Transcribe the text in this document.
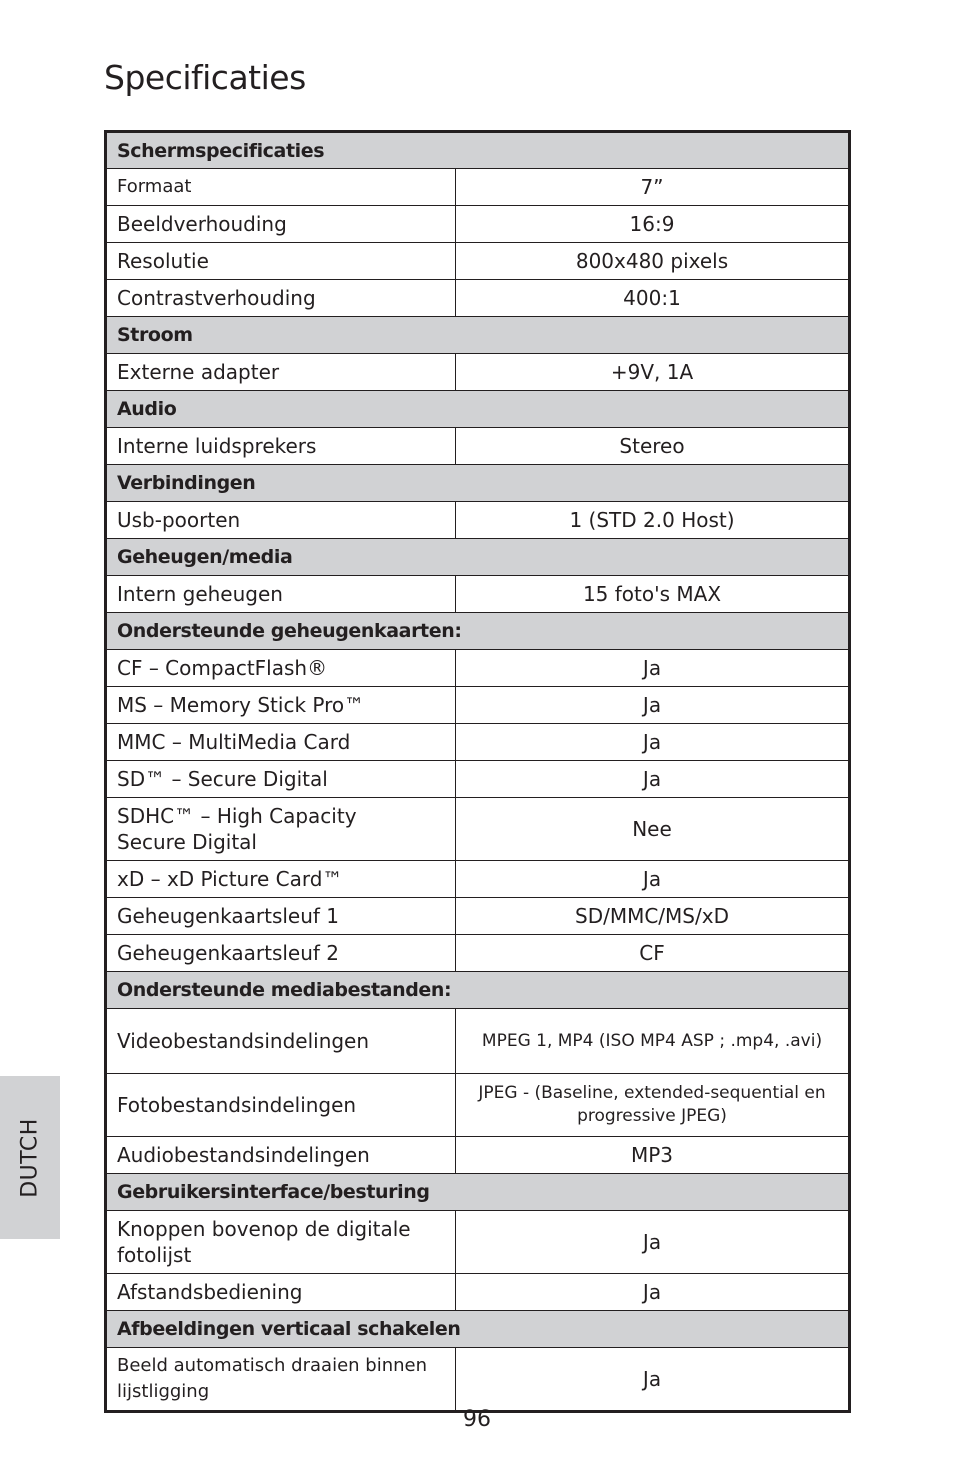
Specificaties
Schermspecificaties	
Formaat	7”
Beeldverhouding	16:9
Resolutie	800x480 pixels
Contrastverhouding	400:1
Stroom	
Externe adapter	+9V, 1A
Audio	
Interne luidsprekers	Stereo
Verbindingen	
Usb-poorten	1 (STD 2.0 Host)
Geheugen/media	
Intern geheugen	15 foto's MAX
Ondersteunde geheugenkaarten:	
CF – CompactFlash®	Ja
MS – Memory Stick Pro™	Ja
MMC – MultiMedia Card	Ja
SD™ – Secure Digital	Ja

SDHC™ – High Capacity
Secure Digital	Nee
xD – xD Picture Card™	Ja
Geheugenkaartsleuf 1	SD/MMC/MS/xD
Geheugenkaartsleuf 2	CF
Ondersteunde mediabestanden:	
Videobestandsindelingen	MPEG 1, MP4 (ISO MP4 ASP ; .mp4, .avi)
Fotobestandsindelingen	JPEG - (Baseline, extended-sequential en
progressive JPEG)

Audiobestandsindelingen	MP3
Gebruikersinterface/besturing	

Knoppen bovenop de digitale
fotolijst	Ja
Afstandsbediening	Ja
Afbeeldingen verticaal schakelen	

Beeld automatisch draaien binnen
lijstligging	Ja
96
DUTCH
